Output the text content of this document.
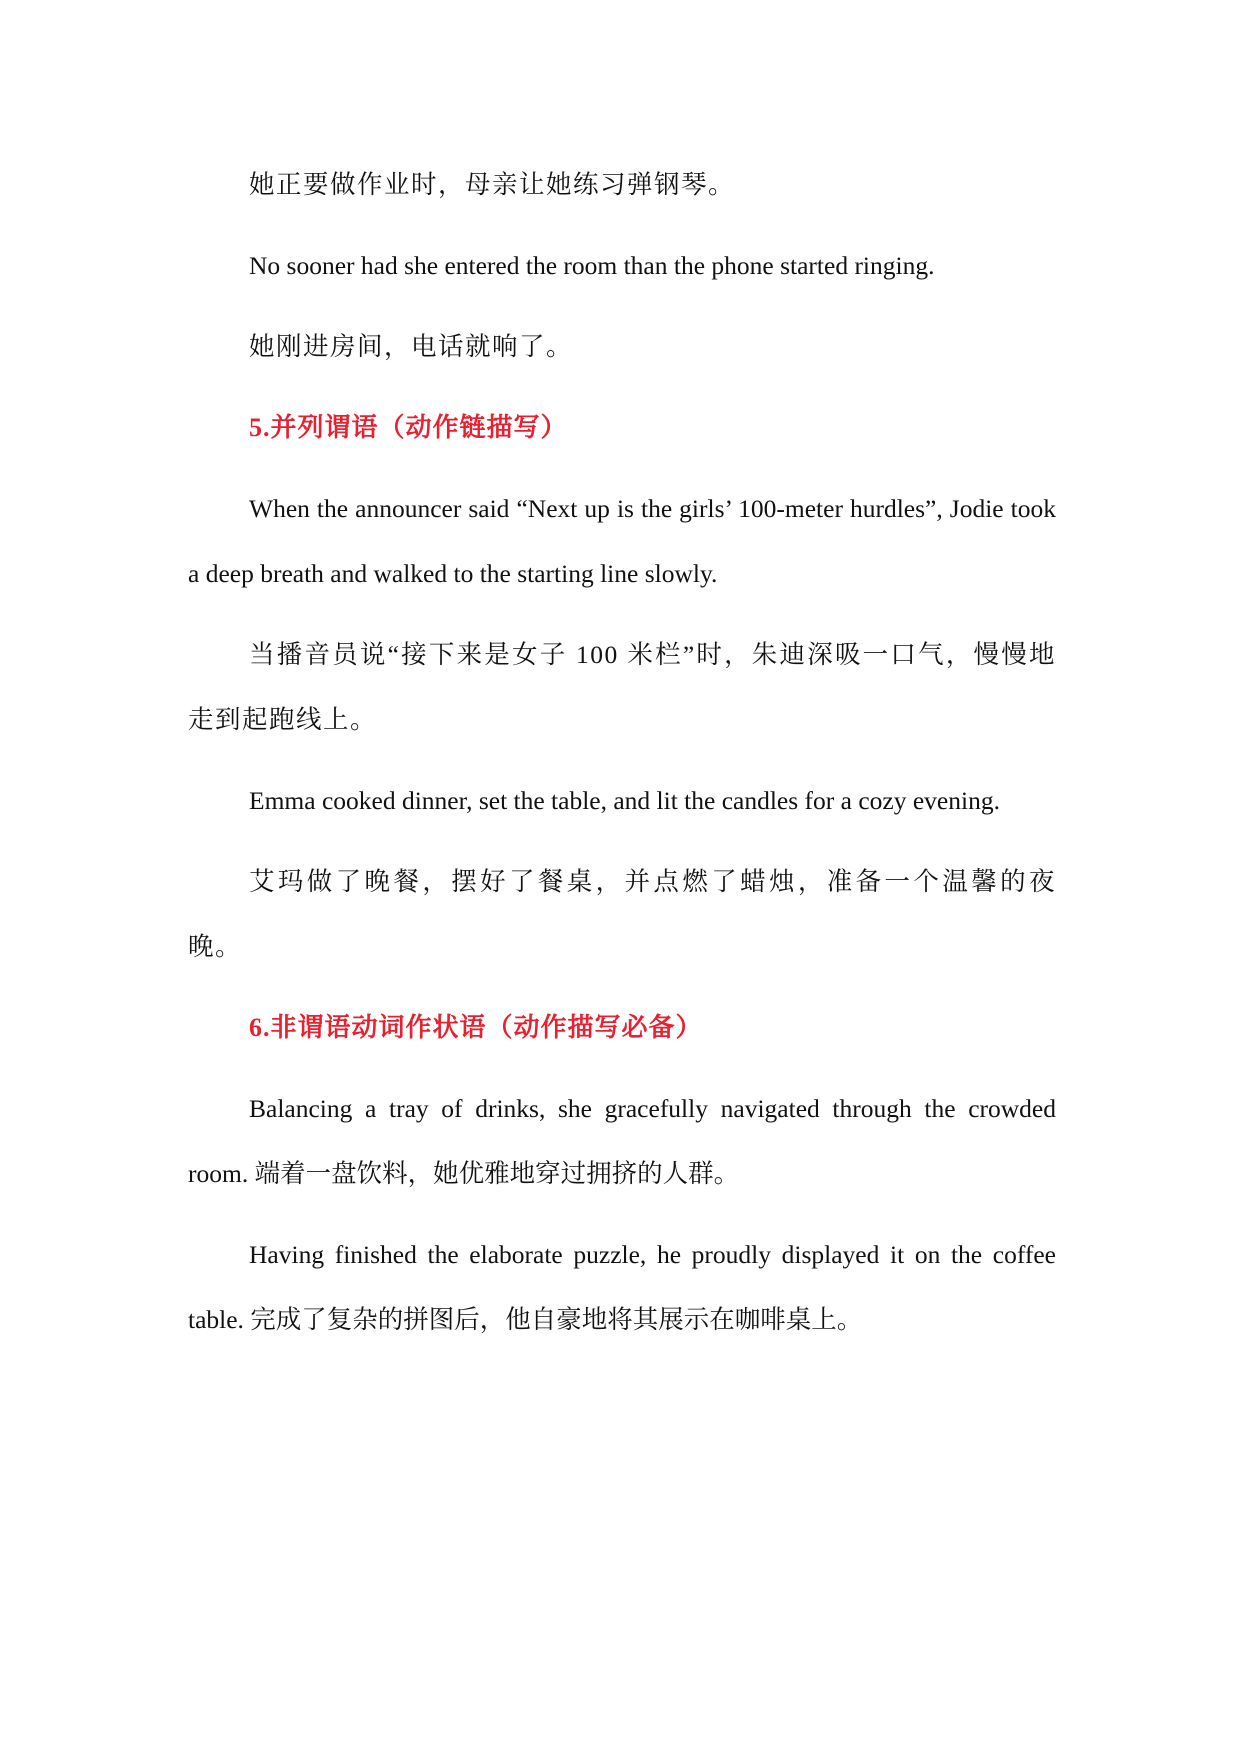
她正要做作业时，母亲让她练习弹钢琴。

No sooner had she entered the room than the phone started ringing.

她刚进房间，电话就响了。

5.并列谓语（动作链描写）

When the announcer said “Next up is the girls’ 100-meter hurdles”, Jodie took a deep breath and walked to the starting line slowly.

当播音员说“接下来是女子 100 米栏”时，朱迪深吸一口气，慢慢地走到起跑线上。

Emma cooked dinner, set the table, and lit the candles for a cozy evening.

艾玛做了晚餐，摆好了餐桌，并点燃了蜡烛，准备一个温馨的夜晚。

6.非谓语动词作状语（动作描写必备）

Balancing a tray of drinks, she gracefully navigated through the crowded room. 端着一盘饮料，她优雅地穿过拥挤的人群。

Having finished the elaborate puzzle, he proudly displayed it on the coffee table. 完成了复杂的拼图后，他自豪地将其展示在咖啡桌上。
